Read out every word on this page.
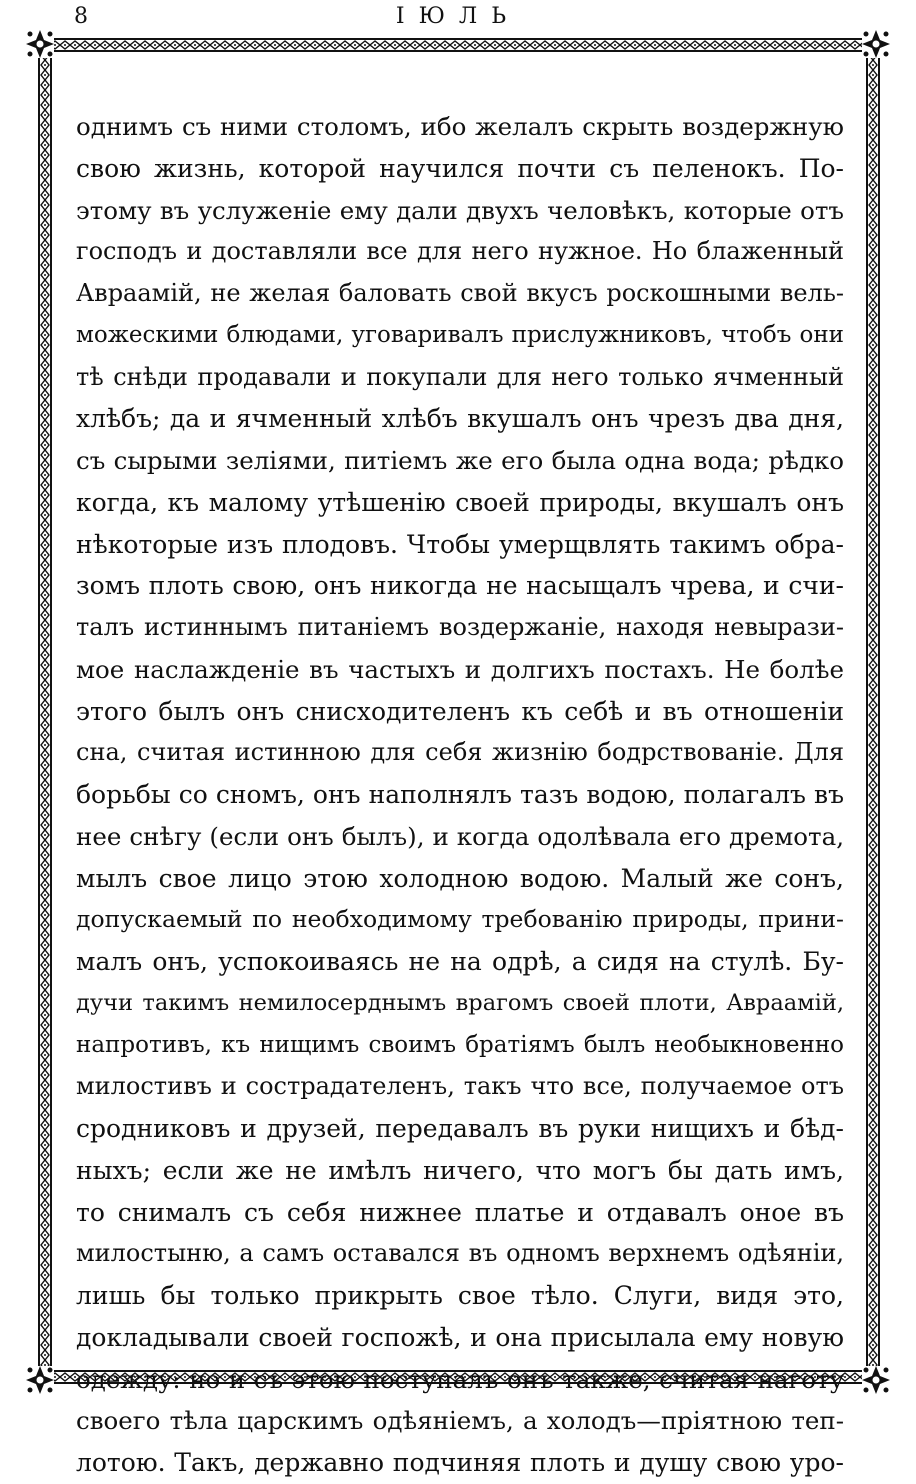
8	ІЮЛЬ
однимъ съ ними столомъ, ибо желалъ скрыть воздержную
свою жизнь, которой научился почти съ пеленокъ. По-
этому въ услуженіе ему дали двухъ человѣкъ, которые отъ
господъ и доставляли все для него нужное. Но блаженный
Авраамій, не желая баловать свой вкусъ роскошными вель-
можескими блюдами, уговаривалъ прислужниковъ, чтобъ они
тѣ снѣди продавали и покупали для него только ячменный
хлѣбъ; да и ячменный хлѣбъ вкушалъ онъ чрезъ два дня,
съ сырыми зеліями, питіемъ же его была одна вода; рѣдко
когда, къ малому утѣшенію своей природы, вкушалъ онъ
нѣкоторые изъ плодовъ. Чтобы умерщвлять такимъ обра-
зомъ плоть свою, онъ никогда не насыщалъ чрева, и счи-
талъ истиннымъ питаніемъ воздержаніе, находя невырази-
мое наслажденіе въ частыхъ и долгихъ постахъ. Не болѣе
этого былъ онъ снисходителенъ къ себѣ и въ отношеніи
сна, считая истинною для себя жизнію бодрствованіе. Для
борьбы со сномъ, онъ наполнялъ тазъ водою, полагалъ въ
нее снѣгу (если онъ былъ), и когда одолѣвала его дремота,
мылъ свое лицо этою холодною водою. Малый же сонъ,
допускаемый по необходимому требованію природы, прини-
малъ онъ, успокоиваясь не на одрѣ, а сидя на стулѣ. Бу-
дучи такимъ немилосерднымъ врагомъ своей плоти, Авраамій,
напротивъ, къ нищимъ своимъ братіямъ былъ необыкновенно
милостивъ и сострадателенъ, такъ что все, получаемое отъ
сродниковъ и друзей, передавалъ въ руки нищихъ и бѣд-
ныхъ; если же не имѣлъ ничего, что могъ бы дать имъ,
то снималъ съ себя нижнее платье и отдавалъ оное въ
милостыню, а самъ оставался въ одномъ верхнемъ одѣяніи,
лишь бы только прикрыть свое тѣло. Слуги, видя это,
докладывали своей госпожѣ, и она присылала ему новую
одежду: но и съ этою поступалъ онъ также, считая наготу
своего тѣла царскимъ одѣяніемъ, а холодъ—пріятною теп-
лотою. Такъ, державно подчиняя плоть и душу свою уро-
